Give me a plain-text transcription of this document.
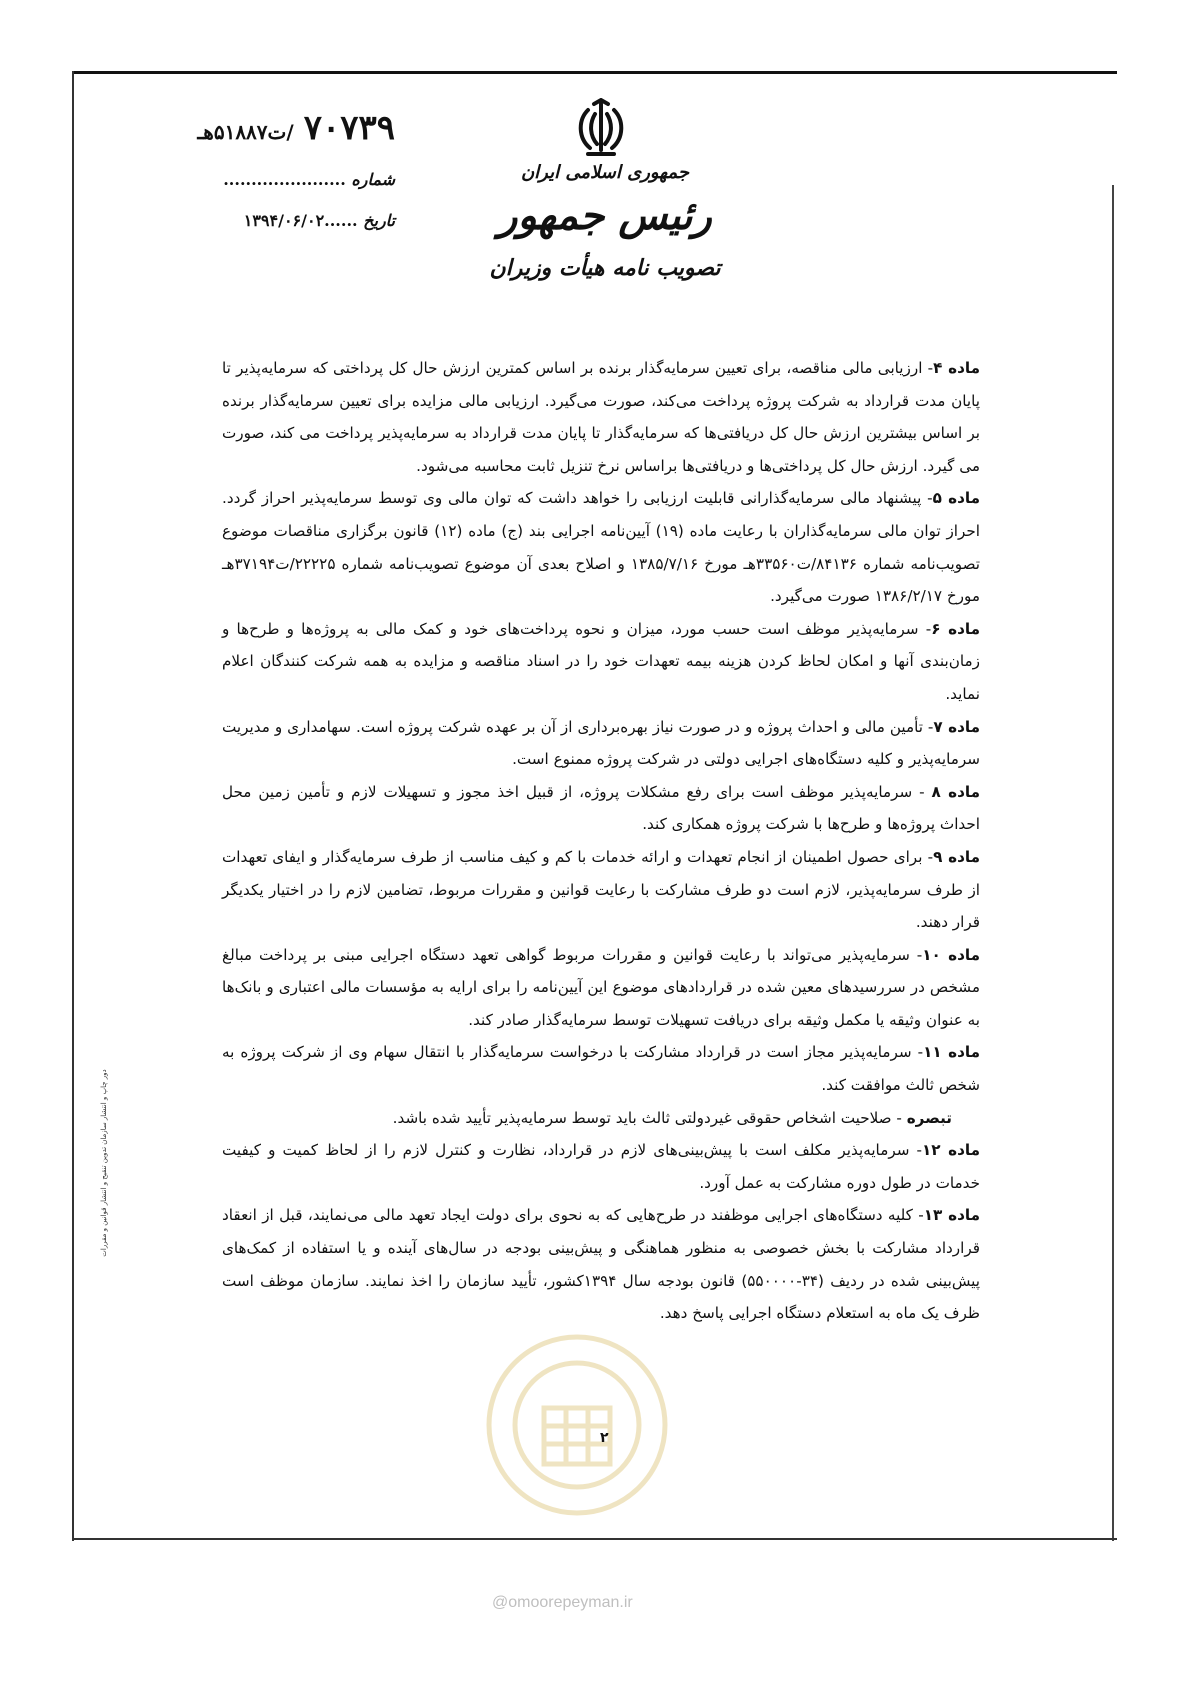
۷۰۷۳۹
/ت۵۱۸۸۷هـ
شماره ......................
تاریخ ......۱۳۹۴/۰۶/۰۲
جمهوری اسلامی ایران
رئیس جمهور
تصویب نامه هیأت وزیران

ماده ۴- ارزیابی مالی مناقصه، برای تعیین سرمایه‌گذار برنده بر اساس کمترین ارزش حال کل پرداختی که سرمایه‌پذیر تا پایان مدت قرارداد به شرکت پروژه پرداخت می‌کند، صورت می‌گیرد. ارزیابی مالی مزایده برای تعیین سرمایه‌گذار برنده بر اساس بیشترین ارزش حال کل دریافتی‌ها که سرمایه‌گذار تا پایان مدت قرارداد به سرمایه‌پذیر پرداخت می کند، صورت می گیرد. ارزش حال کل پرداختی‌ها و دریافتی‌ها براساس نرخ تنزیل ثابت محاسبه می‌شود.

ماده ۵- پیشنهاد مالی سرمایه‌گذارانی قابلیت ارزیابی را خواهد داشت که توان مالی وی توسط سرمایه‌پذیر احراز گردد. احراز توان مالی سرمایه‌گذاران با رعایت ماده (۱۹) آیین‌نامه اجرایی بند (ج) ماده (۱۲) قانون برگزاری مناقصات موضوع تصویب‌نامه شماره ۸۴۱۳۶/ت۳۳۵۶۰هـ مورخ ۱۳۸۵/۷/۱۶ و اصلاح بعدی آن موضوع تصویب‌نامه شماره ۲۲۲۲۵/ت۳۷۱۹۴هـ مورخ ۱۳۸۶/۲/۱۷ صورت می‌گیرد.

ماده ۶- سرمایه‌پذیر موظف است حسب مورد، میزان و نحوه پرداخت‌های خود و کمک مالی به پروژه‌ها و طرح‌ها و زمان‌بندی آنها و امکان لحاظ کردن هزینه بیمه تعهدات خود را در اسناد مناقصه و مزایده به همه شرکت کنندگان اعلام نماید.

ماده ۷- تأمین مالی و احداث پروژه و در صورت نیاز بهره‌برداری از آن بر عهده شرکت پروژه است. سهامداری و مدیریت سرمایه‌پذیر و کلیه دستگاه‌های اجرایی دولتی در شرکت پروژه ممنوع است.

ماده ۸ - سرمایه‌پذیر موظف است برای رفع مشکلات پروژه، از قبیل اخذ مجوز و تسهیلات لازم و تأمین زمین محل احداث پروژه‌ها و طرح‌ها با شرکت پروژه همکاری کند.

ماده ۹- برای حصول اطمینان از انجام تعهدات و ارائه خدمات با کم و کیف مناسب از طرف سرمایه‌گذار و ایفای تعهدات از طرف سرمایه‌پذیر، لازم است دو طرف مشارکت با رعایت قوانین و مقررات مربوط، تضامین لازم را در اختیار یکدیگر قرار دهند.

ماده ۱۰- سرمایه‌پذیر می‌تواند با رعایت قوانین و مقررات مربوط گواهی تعهد دستگاه اجرایی مبنی بر پرداخت مبالغ مشخص در سررسیدهای معین شده در قراردادهای موضوع این آیین‌نامه را برای ارایه به مؤسسات مالی اعتباری و بانک‌ها به عنوان وثیقه یا مکمل وثیقه برای دریافت تسهیلات توسط سرمایه‌گذار صادر کند.

ماده ۱۱- سرمایه‌پذیر مجاز است در قرارداد مشارکت با درخواست سرمایه‌گذار با انتقال سهام وی از شرکت پروژه به شخص ثالث موافقت کند.

تبصره - صلاحیت اشخاص حقوقی غیردولتی ثالث باید توسط سرمایه‌پذیر تأیید شده باشد.

ماده ۱۲- سرمایه‌پذیر مکلف است با پیش‌بینی‌های لازم در قرارداد، نظارت و کنترل لازم را از لحاظ کمیت و کیفیت خدمات در طول دوره مشارکت به عمل آورد.

ماده ۱۳- کلیه دستگاه‌های اجرایی موظفند در طرح‌هایی که به نحوی برای دولت ایجاد تعهد مالی می‌نمایند، قبل از انعقاد قرارداد مشارکت با بخش خصوصی به منظور هماهنگی و پیش‌بینی بودجه در سال‌های آینده و یا استفاده از کمک‌های پیش‌بینی شده در ردیف (۳۴-۵۵۰۰۰۰) قانون بودجه سال ۱۳۹۴کشور، تأیید سازمان را اخذ نمایند. سازمان موظف است ظرف یک ماه به استعلام دستگاه اجرایی پاسخ دهد.

۲
دور چاپ و انتشار سازمان تدوین تنقیح و انتشار قوانین و مقررات
@omoorepeyman.ir
